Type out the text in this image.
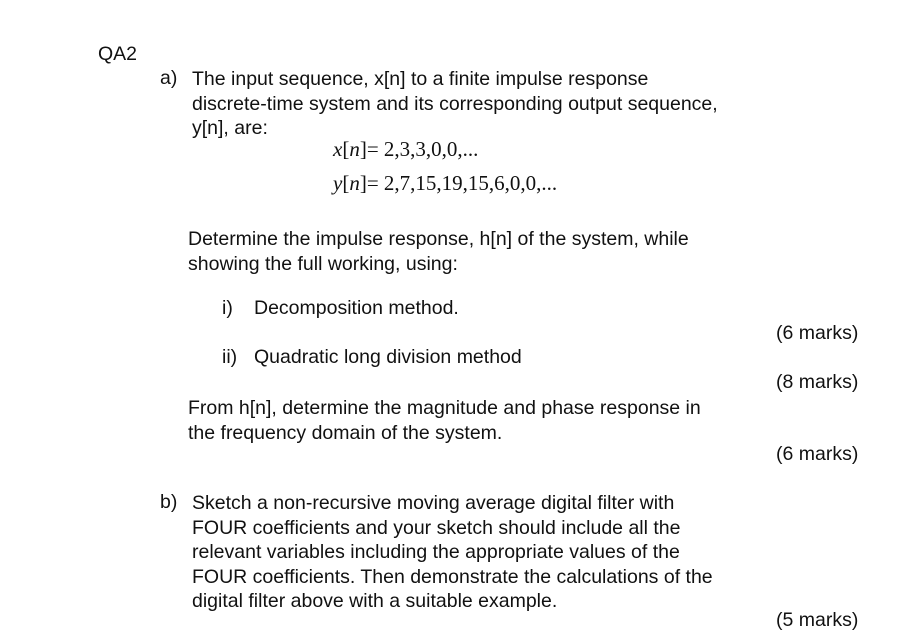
QA2
a) The input sequence, x[n] to a finite impulse response
discrete-time system and its corresponding output sequence,
y[n], are:
x[n]= 2,3,3,0,0,...
y[n]= 2,7,15,19,15,6,0,0,...
Determine the impulse response, h[n] of the system, while
showing the full working, using:
i) Decomposition method.
(6 marks)
ii) Quadratic long division method
(8 marks)
From h[n], determine the magnitude and phase response in
the frequency domain of the system.
(6 marks)
b) Sketch a non-recursive moving average digital filter with
FOUR coefficients and your sketch should include all the
relevant variables including the appropriate values of the
FOUR coefficients. Then demonstrate the calculations of the
digital filter above with a suitable example.
(5 marks)
